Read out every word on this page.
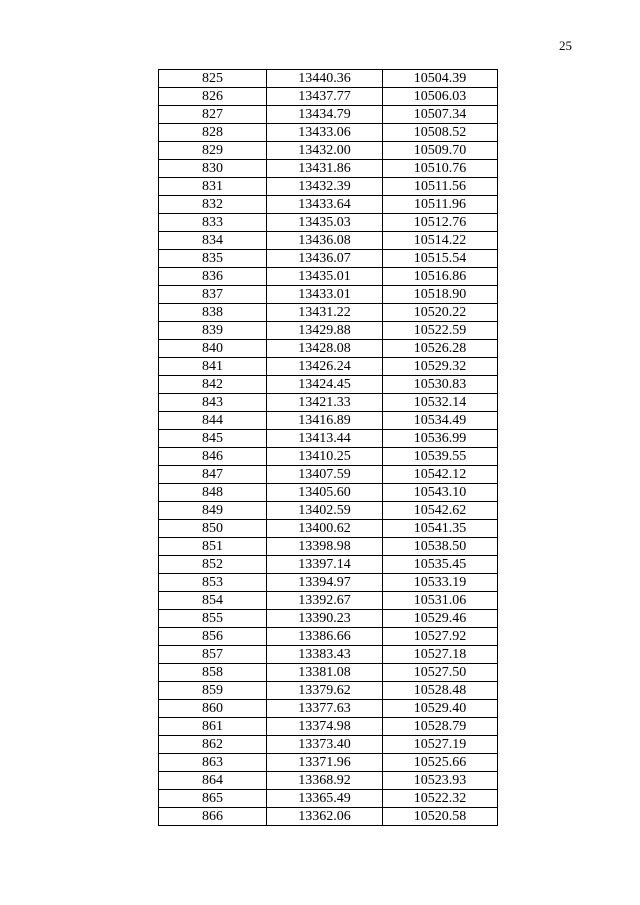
25
825	13440.36	10504.39
826	13437.77	10506.03
827	13434.79	10507.34
828	13433.06	10508.52
829	13432.00	10509.70
830	13431.86	10510.76
831	13432.39	10511.56
832	13433.64	10511.96
833	13435.03	10512.76
834	13436.08	10514.22
835	13436.07	10515.54
836	13435.01	10516.86
837	13433.01	10518.90
838	13431.22	10520.22
839	13429.88	10522.59
840	13428.08	10526.28
841	13426.24	10529.32
842	13424.45	10530.83
843	13421.33	10532.14
844	13416.89	10534.49
845	13413.44	10536.99
846	13410.25	10539.55
847	13407.59	10542.12
848	13405.60	10543.10
849	13402.59	10542.62
850	13400.62	10541.35
851	13398.98	10538.50
852	13397.14	10535.45
853	13394.97	10533.19
854	13392.67	10531.06
855	13390.23	10529.46
856	13386.66	10527.92
857	13383.43	10527.18
858	13381.08	10527.50
859	13379.62	10528.48
860	13377.63	10529.40
861	13374.98	10528.79
862	13373.40	10527.19
863	13371.96	10525.66
864	13368.92	10523.93
865	13365.49	10522.32
866	13362.06	10520.58
